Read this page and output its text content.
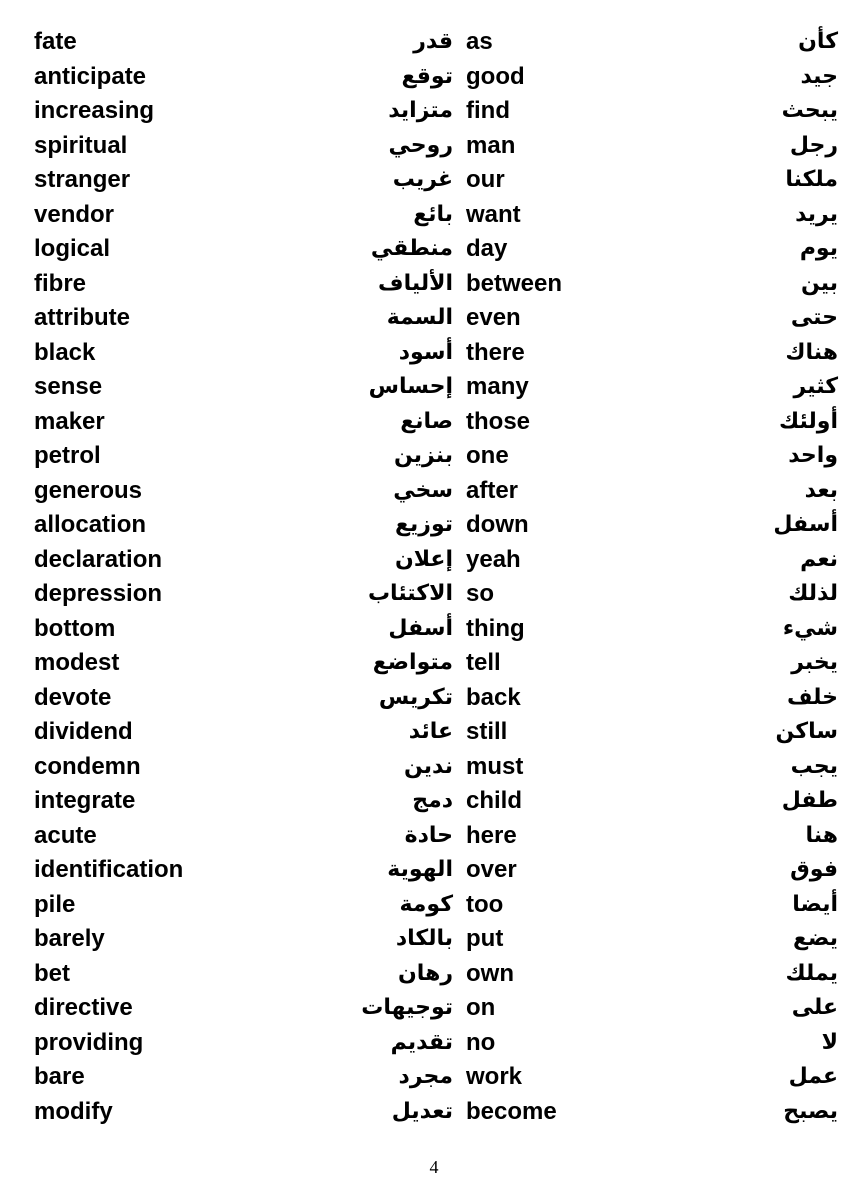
fate	قدر as	كأن
anticipate	توقع good	جيد
increasing	متزايد find	يبحث
spiritual	روحي man	رجل
stranger	غريب our	ملكنا
vendor	بائع want	يريد
logical	منطقي day	يوم
fibre	الألياف between	بين
attribute	السمة even	حتى
black	أسود there	هناك
sense	إحساس many	كثير
maker	صانع those	أولئك
petrol	بنزين one	واحد
generous	سخي after	بعد
allocation	توزيع down	أسفل
declaration	إعلان yeah	نعم
depression	الاكتئاب so	لذلك
bottom	أسفل thing	شيء
modest	متواضع tell	يخبر
devote	تكريس back	خلف
dividend	عائد still	ساكن
condemn	ندين must	يجب
integrate	دمج child	طفل
acute	حادة here	هنا
identification	الهوية over	فوق
pile	كومة too	أيضا
barely	بالكاد put	يضع
bet	رهان own	يملك
directive	توجيهات on	على
providing	تقديم no	لا
bare	مجرد work	عمل
modify	تعديل become	يصبح
4
